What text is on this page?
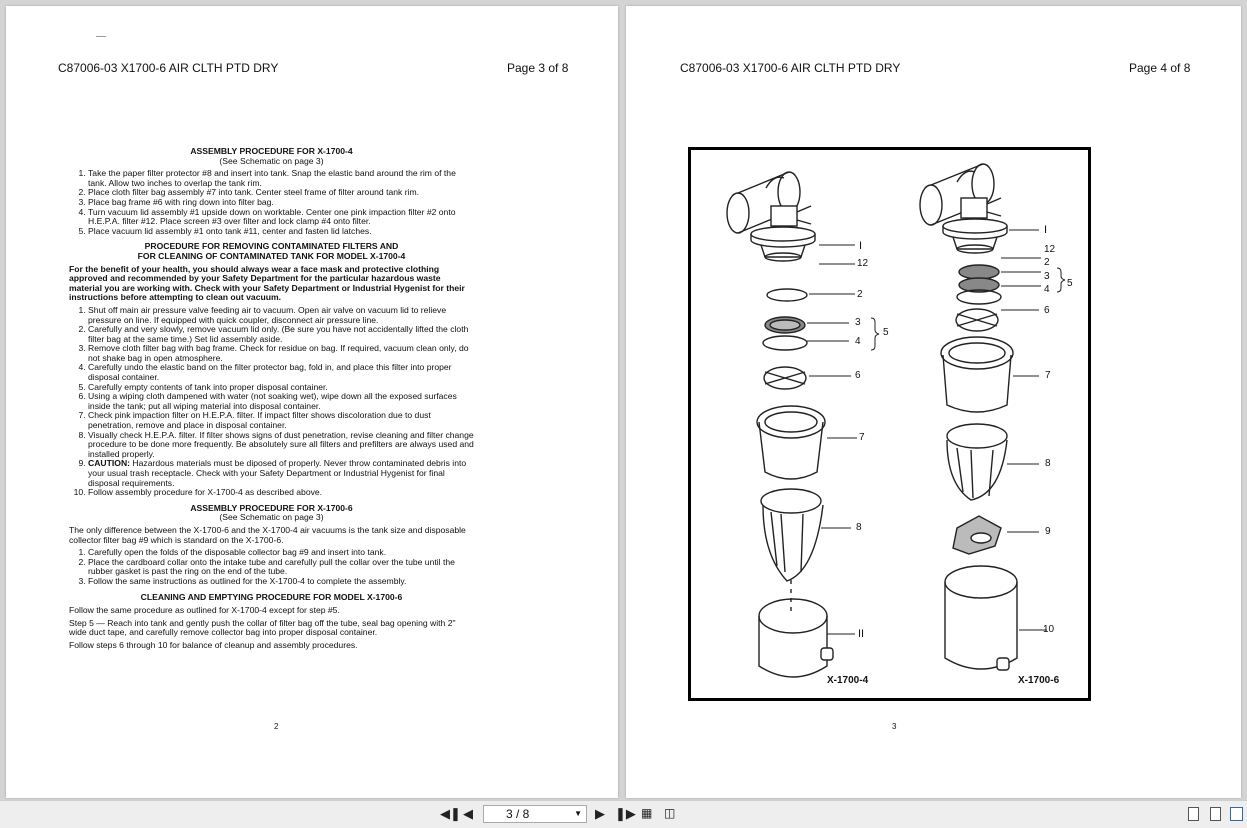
C87006-03 X1700-6 AIR CLTH PTD DRY	Page 3 of 8
ASSEMBLY PROCEDURE FOR X-1700-4
(See Schematic on page 3)
1. Take the paper filter protector #8 and insert into tank. Snap the elastic band around the rim of the tank. Allow two inches to overlap the tank rim.
2. Place cloth filter bag assembly #7 into tank. Center steel frame of filter around tank rim.
3. Place bag frame #6 with ring down into filter bag.
4. Turn vacuum lid assembly #1 upside down on worktable. Center one pink impaction filter #2 onto H.E.P.A. filter #12. Place screen #3 over filter and lock clamp #4 onto filter.
5. Place vacuum lid assembly #1 onto tank #11, center and fasten lid latches.
PROCEDURE FOR REMOVING CONTAMINATED FILTERS AND
FOR CLEANING OF CONTAMINATED TANK FOR MODEL X-1700-4

For the benefit of your health, you should always wear a face mask and protective clothing approved and recommended by your Safety Department for the particular hazardous waste material you are working with. Check with your Safety Department or Industrial Hygenist for their instructions before attempting to clean out vacuum.

1. Shut off main air pressure valve feeding air to vacuum. Open air valve on vacuum lid to relieve pressure on line. If equipped with quick coupler, disconnect air pressure line.
2. Carefully and very slowly, remove vacuum lid only. (Be sure you have not accidentally lifted the cloth filter bag at the same time.) Set lid assembly aside.
3. Remove cloth filter bag with bag frame. Check for residue on bag. If required, vacuum clean only, do not shake bag in open atmosphere.
4. Carefully undo the elastic band on the filter protector bag, fold in, and place this filter into proper disposal container.
5. Carefully empty contents of tank into proper disposal container.
6. Using a wiping cloth dampened with water (not soaking wet), wipe down all the exposed surfaces inside the tank; put all wiping material into disposal container.
7. Check pink impaction filter on H.E.P.A. filter. If impact filter shows discoloration due to dust penetration, remove and place in disposal container.
8. Visually check H.E.P.A. filter. If filter shows signs of dust penetration, revise cleaning and filter change procedure to be done more frequently. Be absolutely sure all filters and prefilters are always used and installed properly.
9. CAUTION: Hazardous materials must be diposed of properly. Never throw contaminated debris into your usual trash receptacle. Check with your Safety Department or Industrial Hygenist for final disposal requirements.
10. Follow assembly procedure for X-1700-4 as described above.
ASSEMBLY PROCEDURE FOR X-1700-6
(See Schematic on page 3)

The only difference between the X-1700-6 and the X-1700-4 air vacuums is the tank size and disposable collector filter bag #9 which is standard on the X-1700-6.

1. Carefully open the folds of the disposable collector bag #9 and insert into tank.
2. Place the cardboard collar onto the intake tube and carefully pull the collar over the tube until the rubber gasket is past the ring on the end of the tube.
3. Follow the same instructions as outlined for the X-1700-4 to complete the assembly.
CLEANING AND EMPTYING PROCEDURE FOR MODEL X-1700-6

Follow the same procedure as outlined for X-1700-4 except for step #5.

Step 5 — Reach into tank and gently push the collar of filter bag off the tube, seal bag opening with 2" wide duct tape, and carefully remove collector bag into proper disposal container.

Follow steps 6 through 10 for balance of cleanup and assembly procedures.

2
C87006-03 X1700-6 AIR CLTH PTD DRY	Page 4 of 8
I
12
2
3
4
5
6
7
8
II
X-1700-4
I
12
2
3
4
5
6
7
8
9
10
X-1700-6
3
◀❚ ◀	3 / 8	▼ ▶ ❚▶ ▦ ◫
